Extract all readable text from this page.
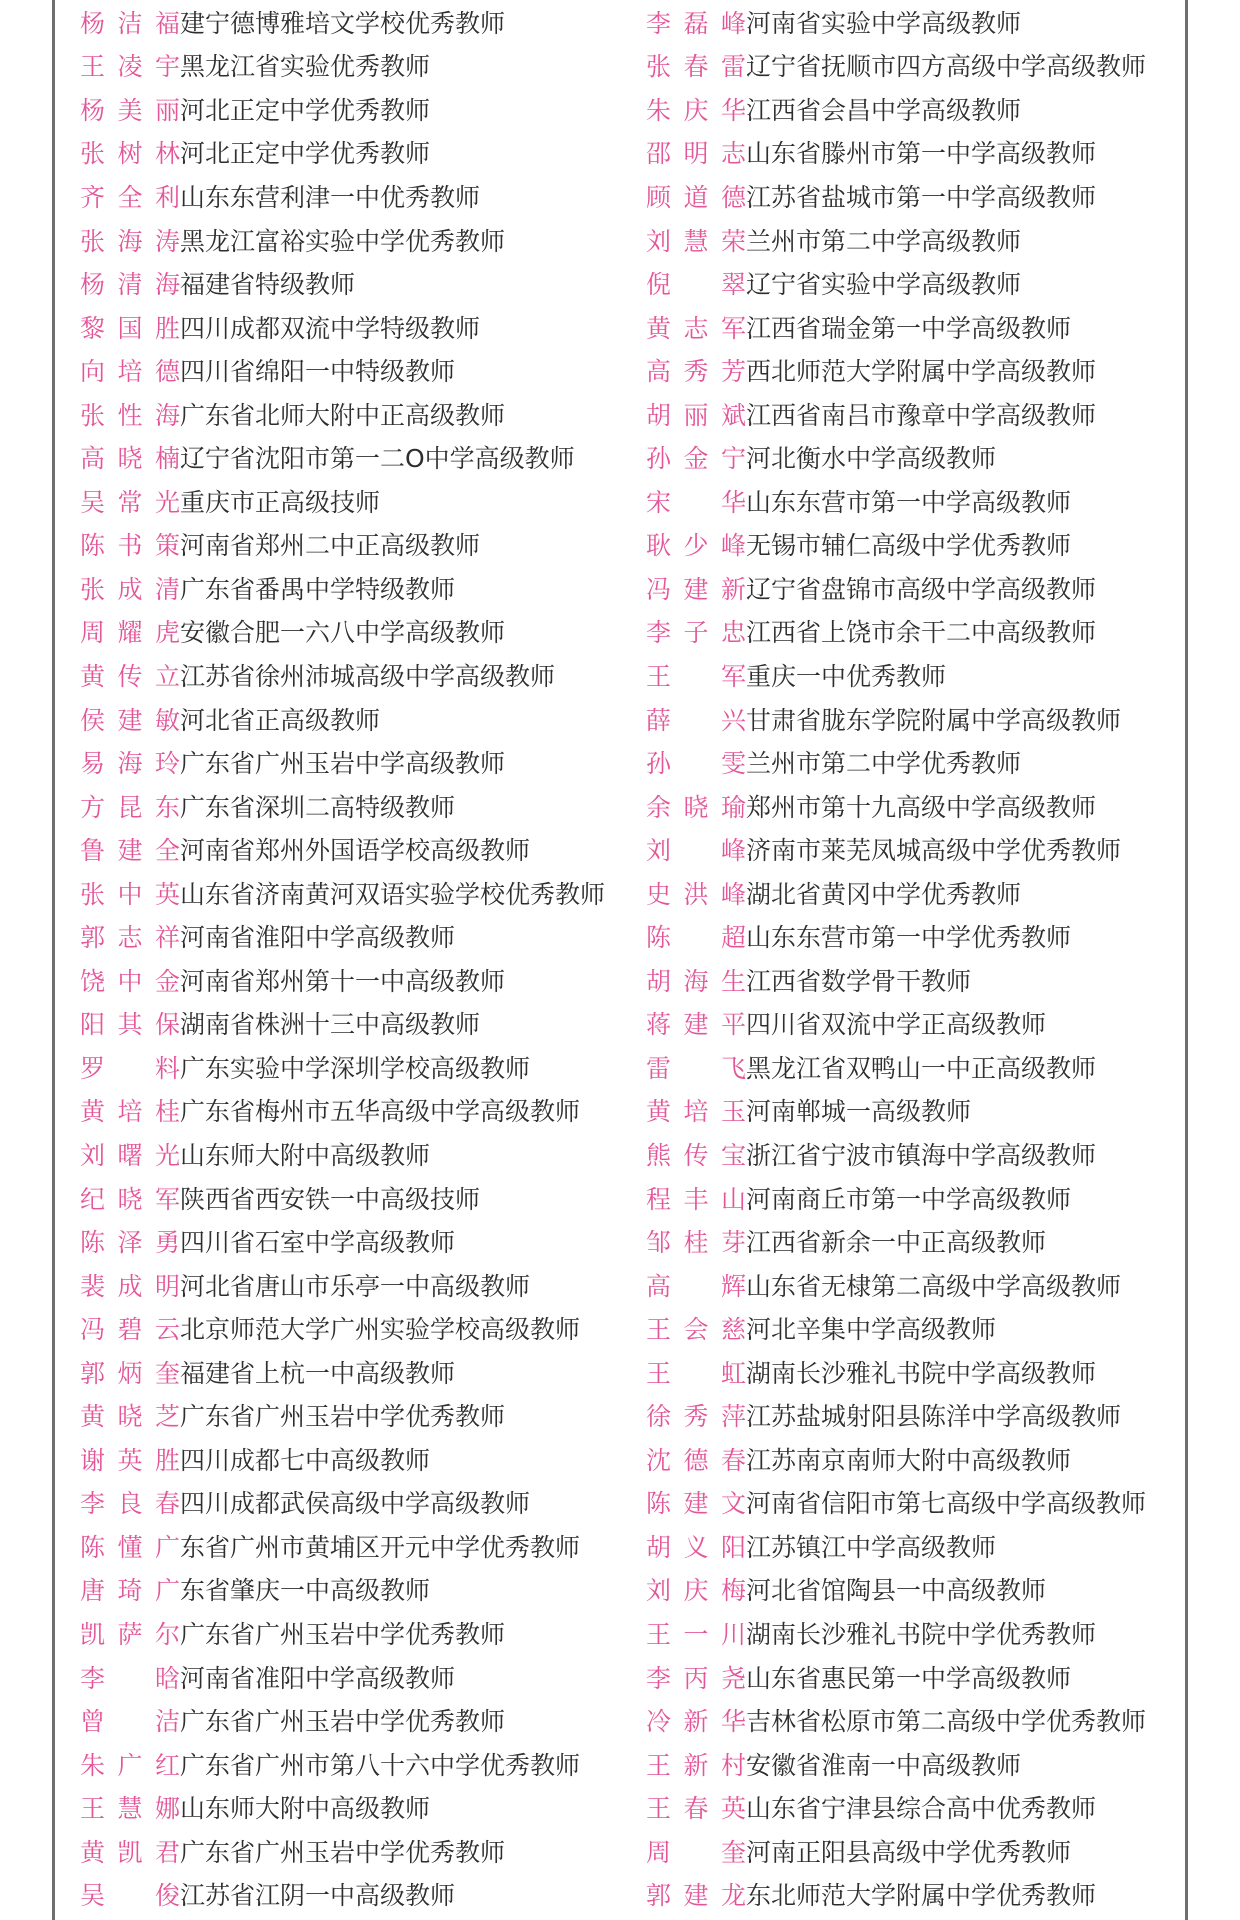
杨 洁 福 建宁德博雅培文学校优秀教师
王 凌 宇 黑龙江省实验优秀教师
杨 美 丽 河北正定中学优秀教师
张 树 林 河北正定中学优秀教师
齐 全 利 山东东营利津一中优秀教师
张 海 涛 黑龙江富裕实验中学优秀教师
杨 清 海 福建省特级教师
黎 国 胜 四川成都双流中学特级教师
向 培 德 四川省绵阳一中特级教师
张 性 海 广东省北师大附中正高级教师
高 晓 楠 辽宁省沈阳市第一二O中学高级教师
吴 常 光 重庆市正高级技师
陈 书 策 河南省郑州二中正高级教师
张 成 清 广东省番禺中学特级教师
周 耀 虎 安徽合肥一六八中学高级教师
黄 传 立 江苏省徐州沛城高级中学高级教师
侯 建 敏 河北省正高级教师
易 海 玲 广东省广州玉岩中学高级教师
方 昆 东 广东省深圳二高特级教师
鲁 建 全 河南省郑州外国语学校高级教师
张 中 英 山东省济南黄河双语实验学校优秀教师
郭 志 祥 河南省淮阳中学高级教师
饶 中 金 河南省郑州第十一中高级教师
阳 其 保 湖南省株洲十三中高级教师
罗 料 广东实验中学深圳学校高级教师
黄 培 桂 广东省梅州市五华高级中学高级教师
刘 曙 光 山东师大附中高级教师
纪 晓 军 陕西省西安铁一中高级技师
陈 泽 勇 四川省石室中学高级教师
裴 成 明 河北省唐山市乐亭一中高级教师
冯 碧 云 北京师范大学广州实验学校高级教师
郭 炳 奎 福建省上杭一中高级教师
黄 晓 芝 广东省广州玉岩中学优秀教师
谢 英 胜 四川成都七中高级教师
李 良 春 四川成都武侯高级中学高级教师
陈 懂 广 东省广州市黄埔区开元中学优秀教师
唐 琦 广 东省肇庆一中高级教师
凯 萨 尔 广东省广州玉岩中学优秀教师
李 晗 河南省准阳中学高级教师
曾 洁 广东省广州玉岩中学优秀教师
朱 广 红 广东省广州市第八十六中学优秀教师
王 慧 娜 山东师大附中高级教师
黄 凯 君 广东省广州玉岩中学优秀教师
吴 俊 江苏省江阴一中高级教师
李 磊 峰 河南省实验中学高级教师
张 春 雷 辽宁省抚顺市四方高级中学高级教师
朱 庆 华 江西省会昌中学高级教师
邵 明 志 山东省滕州市第一中学高级教师
顾 道 德 江苏省盐城市第一中学高级教师
刘 慧 荣 兰州市第二中学高级教师
倪 翠 辽宁省实验中学高级教师
黄 志 军 江西省瑞金第一中学高级教师
高 秀 芳 西北师范大学附属中学高级教师
胡 丽 斌 江西省南吕市豫章中学高级教师
孙 金 宁 河北衡水中学高级教师
宋 华 山东东营市第一中学高级教师
耿 少 峰 无锡市辅仁高级中学优秀教师
冯 建 新 辽宁省盘锦市高级中学高级教师
李 子 忠 江西省上饶市余干二中高级教师
王 军 重庆一中优秀教师
薛 兴 甘肃省胧东学院附属中学高级教师
孙 雯 兰州市第二中学优秀教师
余 晓 瑜 郑州市第十九高级中学高级教师
刘 峰 济南市莱芜凤城高级中学优秀教师
史 洪 峰 湖北省黄冈中学优秀教师
陈 超 山东东营市第一中学优秀教师
胡 海 生 江西省数学骨干教师
蒋 建 平 四川省双流中学正高级教师
雷 飞 黑龙江省双鸭山一中正高级教师
黄 培 玉 河南郸城一高级教师
熊 传 宝 浙江省宁波市镇海中学高级教师
程 丰 山 河南商丘市第一中学高级教师
邹 桂 芽 江西省新余一中正高级教师
高 辉 山东省无棣第二高级中学高级教师
王 会 慈 河北辛集中学高级教师
王 虹 湖南长沙雅礼书院中学高级教师
徐 秀 萍 江苏盐城射阳县陈洋中学高级教师
沈 德 春 江苏南京南师大附中高级教师
陈 建 文 河南省信阳市第七高级中学高级教师
胡 义 阳 江苏镇江中学高级教师
刘 庆 梅 河北省馆陶县一中高级教师
王 一 川 湖南长沙雅礼书院中学优秀教师
李 丙 尧 山东省惠民第一中学高级教师
冷 新 华 吉林省松原市第二高级中学优秀教师
王 新 村 安徽省淮南一中高级教师
王 春 英 山东省宁津县综合高中优秀教师
周 奎 河南正阳县高级中学优秀教师
郭 建 龙 东北师范大学附属中学优秀教师
